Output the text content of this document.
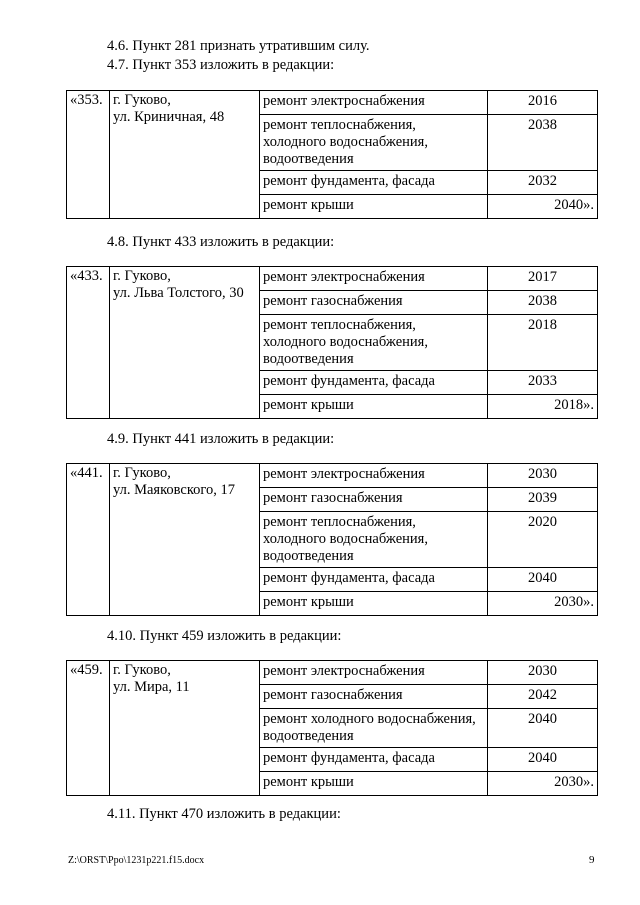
4.6. Пункт 281 признать утратившим силу.
4.7. Пункт 353 изложить в редакции:
«353.	г. Гуково,
ул. Криничная, 48	ремонт электроснабжения	2016
		ремонт теплоснабжения,
холодного водоснабжения,
водоотведения	2038
		ремонт фундамента, фасада	2032
		ремонт крыши	2040».
4.8. Пункт 433 изложить в редакции:
«433.	г. Гуково,
ул. Льва Толстого, 30	ремонт электроснабжения	2017
		ремонт газоснабжения	2038
		ремонт теплоснабжения,
холодного водоснабжения,
водоотведения	2018
		ремонт фундамента, фасада	2033
		ремонт крыши	2018».
4.9. Пункт 441 изложить в редакции:
«441.	г. Гуково,
ул. Маяковского, 17	ремонт электроснабжения	2030
		ремонт газоснабжения	2039
		ремонт теплоснабжения,
холодного водоснабжения,
водоотведения	2020
		ремонт фундамента, фасада	2040
		ремонт крыши	2030».
4.10. Пункт 459 изложить в редакции:
«459.	г. Гуково,
ул. Мира, 11	ремонт электроснабжения	2030
		ремонт газоснабжения	2042
		ремонт холодного водоснабжения,
водоотведения	2040
		ремонт фундамента, фасада	2040
		ремонт крыши	2030».
4.11. Пункт 470 изложить в редакции:
Z:\ORST\Ppo\1231p221.f15.docx	9
